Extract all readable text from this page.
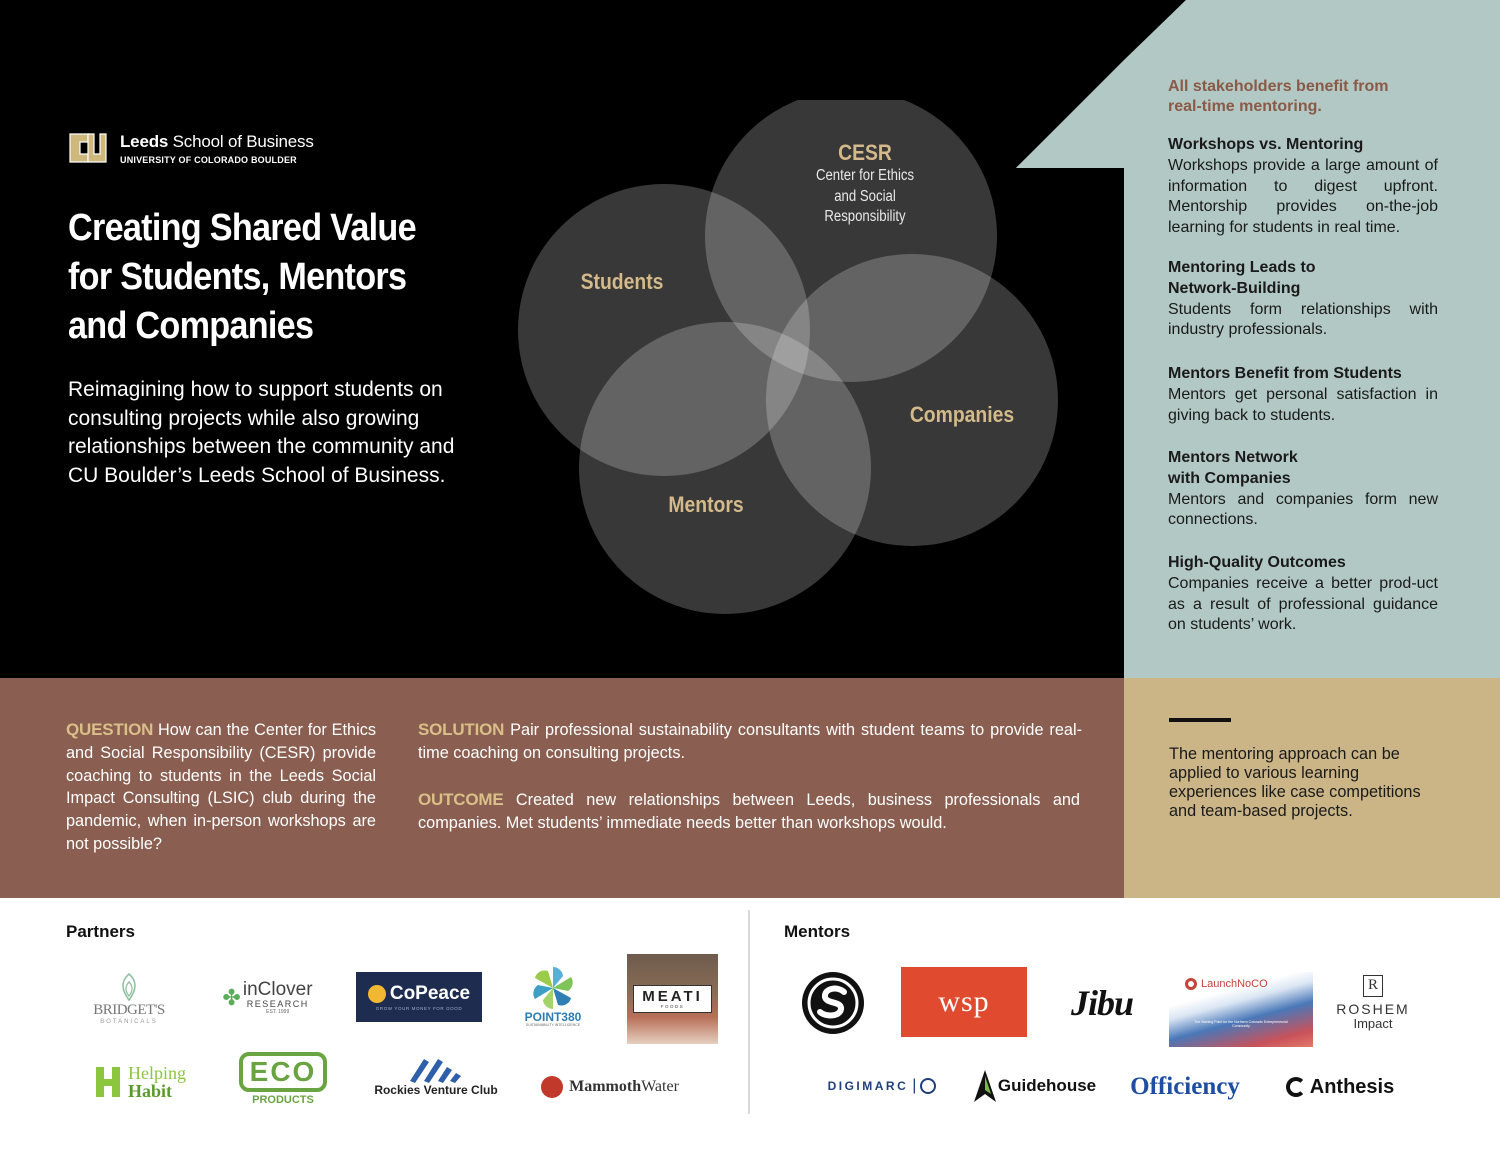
Leeds School of Business
UNIVERSITY OF COLORADO BOULDER
Creating Shared Value
for Students, Mentors
and Companies
Reimagining how to support students on consulting projects while also growing relationships between the community and CU Boulder’s Leeds School of Business.
CESR
Center for Ethics
and Social
Responsibility
Students
Companies
Mentors
All stakeholders benefit from
real-time mentoring.
Workshops vs. Mentoring
Workshops provide a large amount of information to digest upfront. Mentorship provides on-the-job learning for students in real time.
Mentoring Leads to
Network-Building
Students form relationships with industry professionals.
Mentors Benefit from Students
Mentors get personal satisfaction in giving back to students.
Mentors Network
with Companies
Mentors and companies form new connections.
High-Quality Outcomes
Companies receive a better prod-uct as a result of professional guidance on students’ work.
QUESTION How can the Center for Ethics and Social Responsibility (CESR) provide coaching to students in the Leeds Social Impact Consulting (LSIC) club during the pandemic, when in-person workshops are not possible?
SOLUTION Pair professional sustainability consultants with student teams to provide real-time coaching on consulting projects.
OUTCOME Created new relationships between Leeds, business professionals and companies. Met students’ immediate needs better than workshops would.
The mentoring approach can be applied to various learning experiences like case competitions and team-based projects.
Partners	Mentors
BRIDGET'S
BOTANICALS
✤ inClover
RESEARCH
EST. 1999
CoPeace
GROW YOUR MONEY FOR GOOD
POINT380
SUSTAINABILITY INTELLIGENCE
MEATI
FOODS
Helping
Habit
ECO
PRODUCTS
Rockies Venture Club	Mammoth Water
wsp Jibu	LaunchNoCO
The Starting Point for the Northern Colorado Entrepreneurial Community
R
ROSHEM
Impact
DIGIMARC |	Guidehouse Officiency	Anthesis
